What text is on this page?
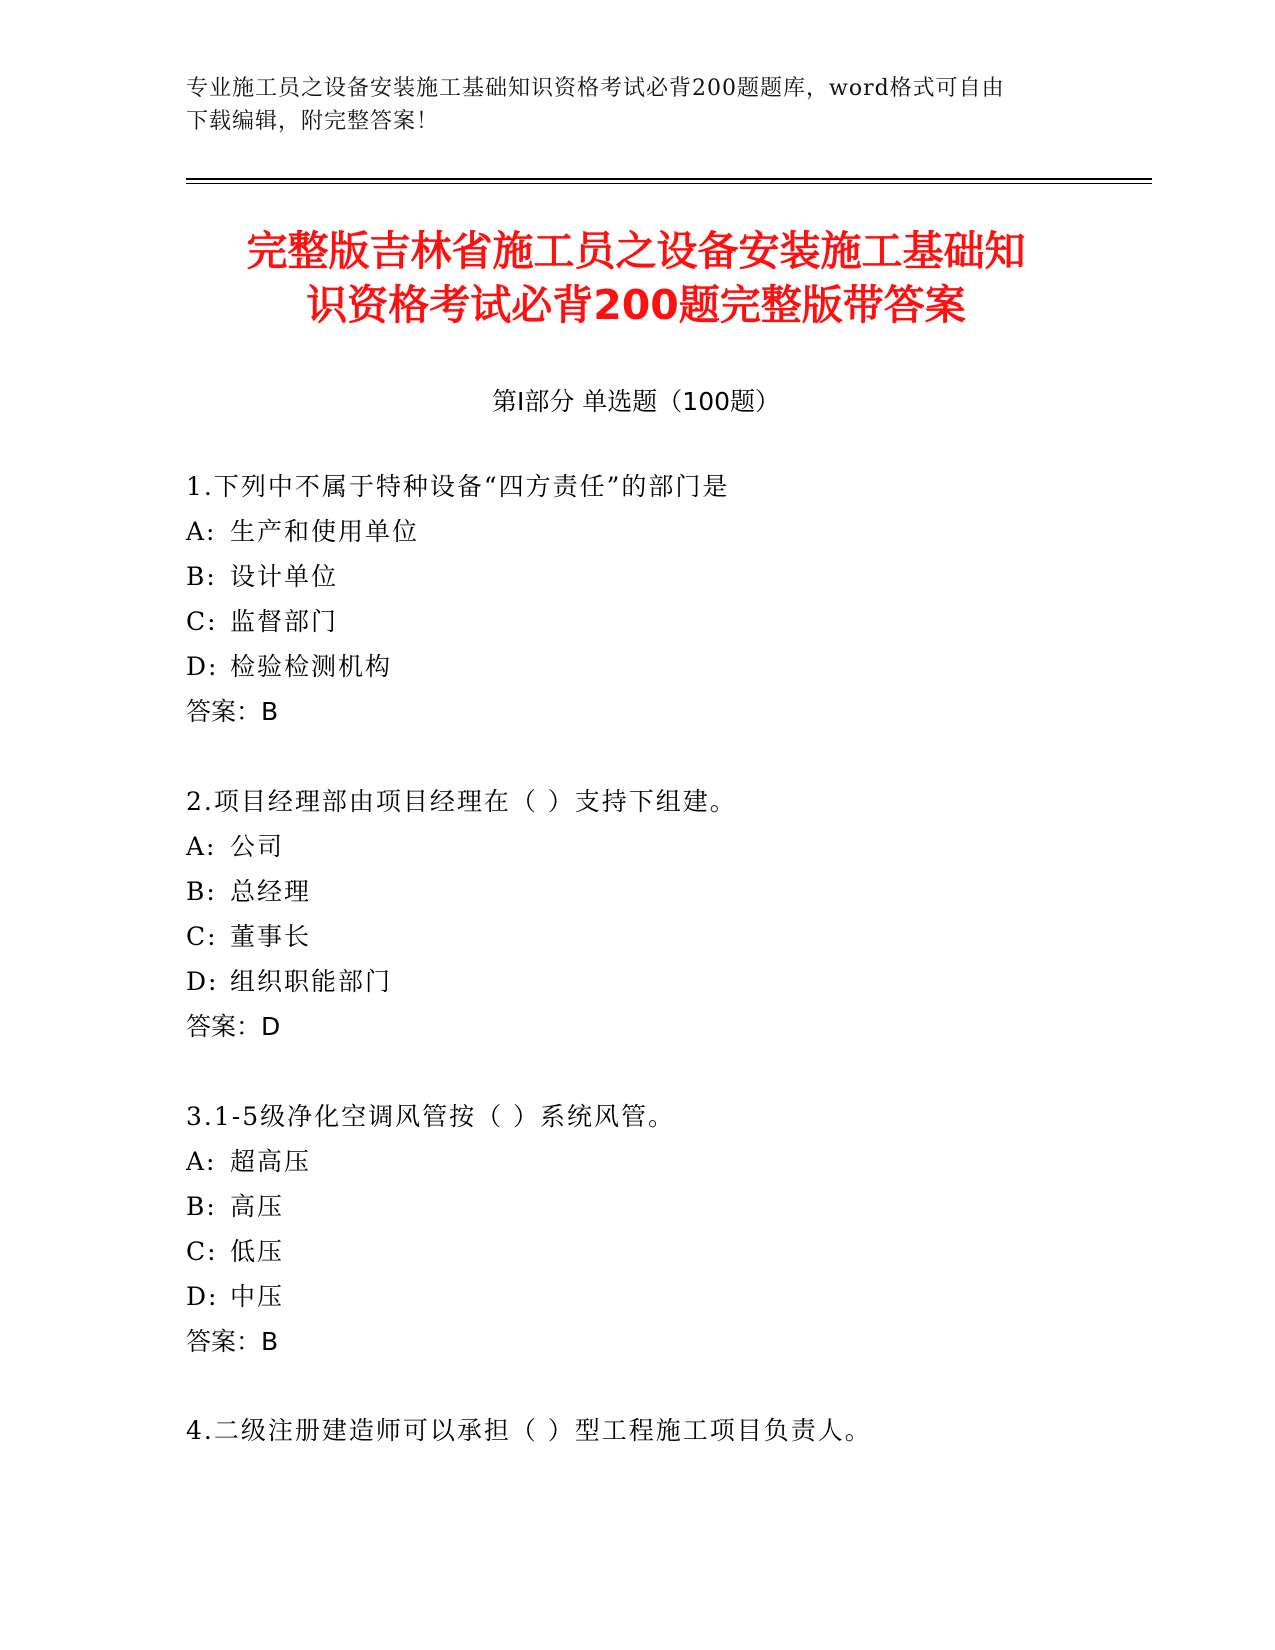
专业施工员之设备安装施工基础知识资格考试必背200题题库，word格式可自由
下载编辑，附完整答案！
完整版吉林省施工员之设备安装施工基础知
识资格考试必背200题完整版带答案
第Ⅰ部分 单选题（100题）
1.下列中不属于特种设备“四方责任”的部门是
A: 生产和使用单位
B: 设计单位
C: 监督部门
D: 检验检测机构
答案：B
2.项目经理部由项目经理在（ ）支持下组建。
A: 公司
B: 总经理
C: 董事长
D: 组织职能部门
答案：D
3.1-5级净化空调风管按（ ）系统风管。
A: 超高压
B: 高压
C: 低压
D: 中压
答案：B
4.二级注册建造师可以承担（ ）型工程施工项目负责人。
